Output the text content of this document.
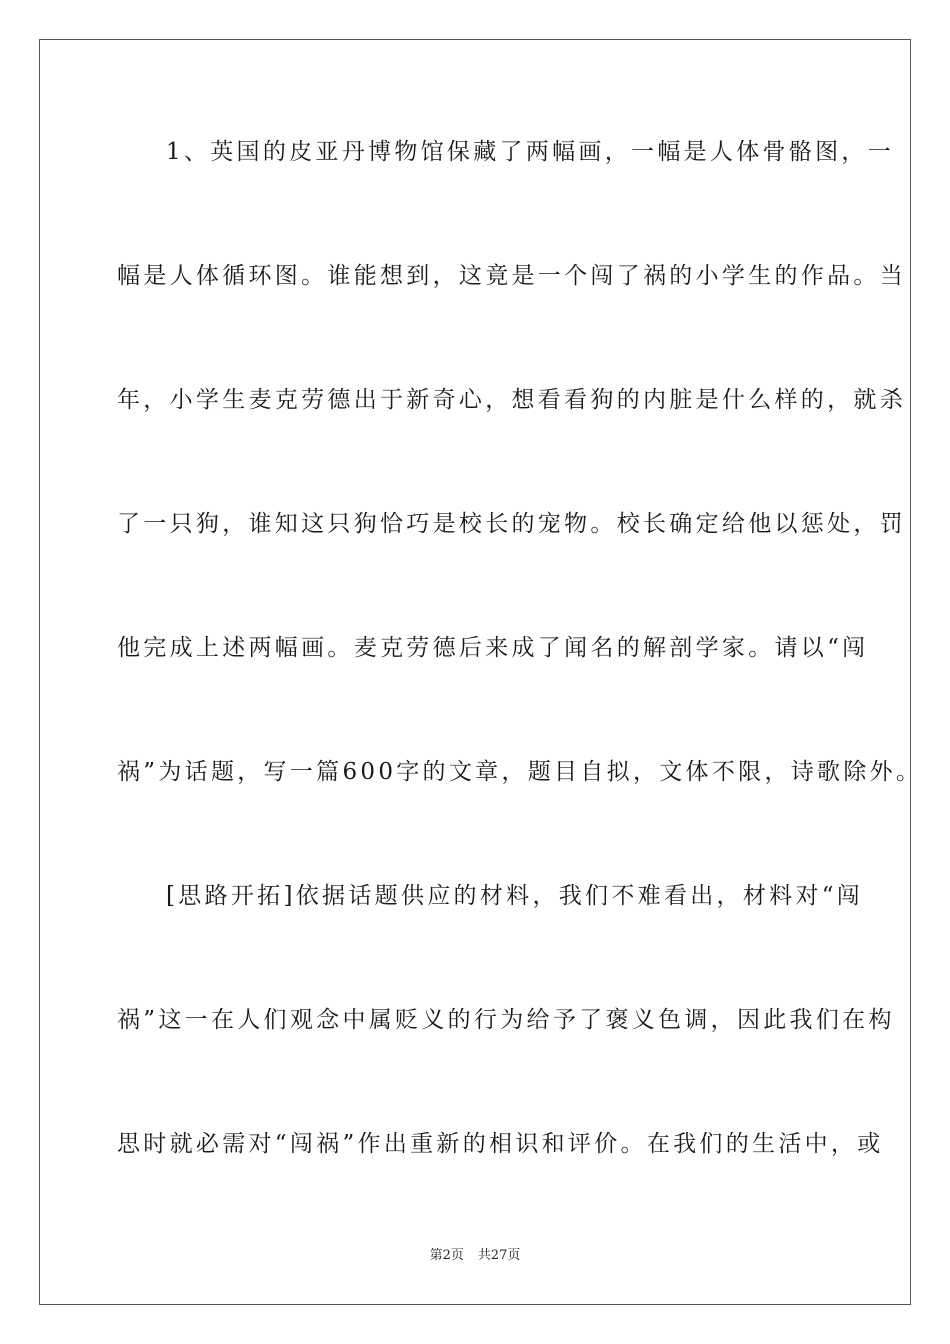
1、英国的皮亚丹博物馆保藏了两幅画，一幅是人体骨骼图，一
幅是人体循环图。谁能想到，这竟是一个闯了祸的小学生的作品。当
年，小学生麦克劳德出于新奇心，想看看狗的内脏是什么样的，就杀
了一只狗，谁知这只狗恰巧是校长的宠物。校长确定给他以惩处，罚
他完成上述两幅画。麦克劳德后来成了闻名的解剖学家。请以“闯
祸”为话题，写一篇600字的文章，题目自拟，文体不限，诗歌除外。
[思路开拓]依据话题供应的材料，我们不难看出，材料对“闯
祸”这一在人们观念中属贬义的行为给予了褒义色调，因此我们在构
思时就必需对“闯祸”作出重新的相识和评价。在我们的生活中，或
第2页 共27页
